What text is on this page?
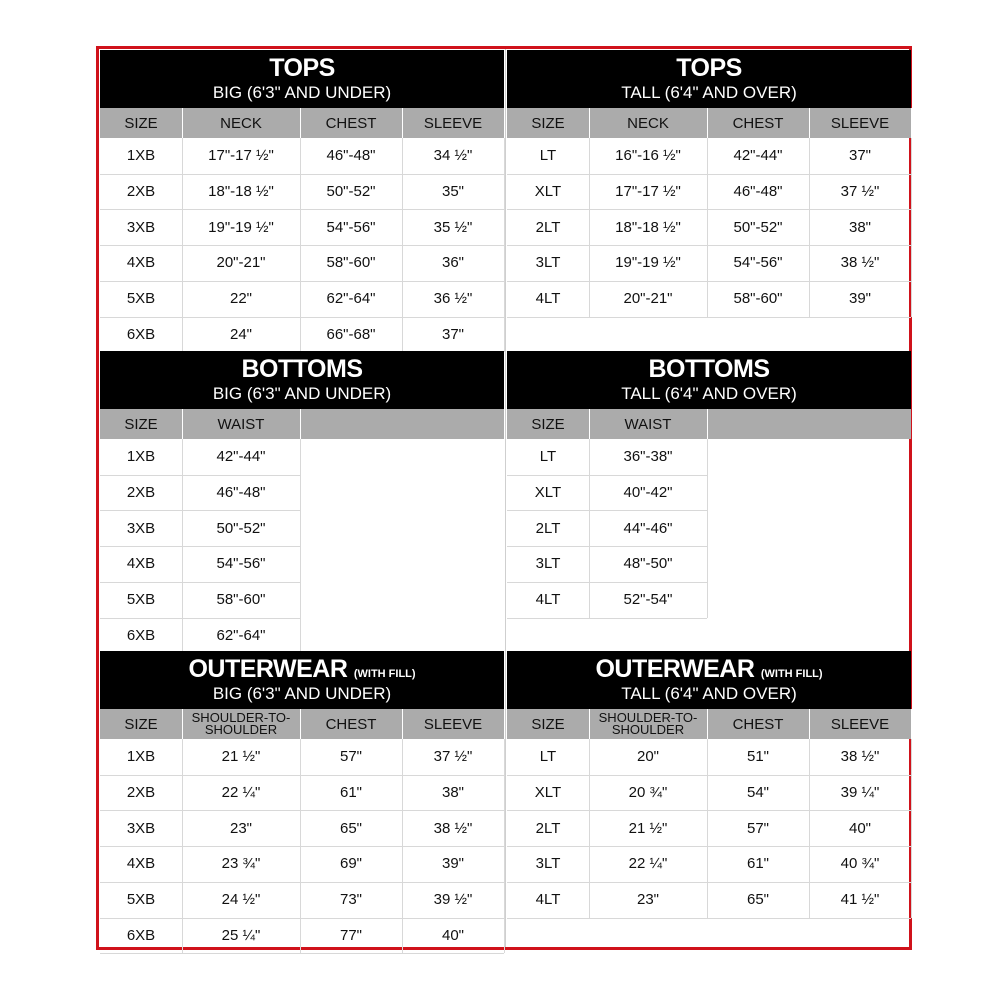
TOPS
BIG (6'3" AND UNDER)
SIZE	NECK	CHEST	SLEEVE
1XB	17"-17 ½"	46"-48"	34 ½"
2XB	18"-18 ½"	50"-52"	35"
3XB	19"-19 ½"	54"-56"	35 ½"
4XB	20"-21"	58"-60"	36"
5XB	22"	62"-64"	36 ½"
6XB	24"	66"-68"	37"
TOPS
TALL (6'4" AND OVER)
SIZE	NECK	CHEST	SLEEVE
LT	16"-16 ½"	42"-44"	37"
XLT	17"-17 ½"	46"-48"	37 ½"
2LT	18"-18 ½"	50"-52"	38"
3LT	19"-19 ½"	54"-56"	38 ½"
4LT	20"-21"	58"-60"	39"
BOTTOMS
BIG (6'3" AND UNDER)
SIZE	WAIST
1XB	42"-44"
2XB	46"-48"
3XB	50"-52"
4XB	54"-56"
5XB	58"-60"
6XB	62"-64"
BOTTOMS
TALL (6'4" AND OVER)
SIZE	WAIST
LT	36"-38"
XLT	40"-42"
2LT	44"-46"
3LT	48"-50"
4LT	52"-54"
OUTERWEAR (WITH FILL)
BIG (6'3" AND UNDER)
SIZE	SHOULDER-TO-SHOULDER	CHEST	SLEEVE
1XB	21 ½"	57"	37 ½"
2XB	22 ¼"	61"	38"
3XB	23"	65"	38 ½"
4XB	23 ¾"	69"	39"
5XB	24 ½"	73"	39 ½"
6XB	25 ¼"	77"	40"
OUTERWEAR (WITH FILL)
TALL (6'4" AND OVER)
SIZE	SHOULDER-TO-SHOULDER	CHEST	SLEEVE
LT	20"	51"	38 ½"
XLT	20 ¾"	54"	39 ¼"
2LT	21 ½"	57"	40"
3LT	22 ¼"	61"	40 ¾"
4LT	23"	65"	41 ½"
